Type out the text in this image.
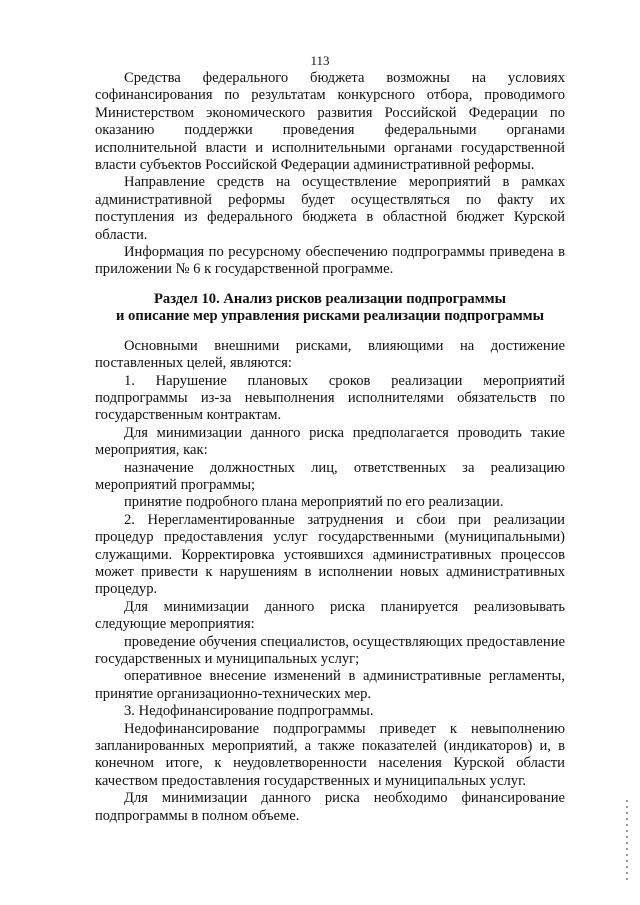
113

Средства федерального бюджета возможны на условиях софинансирования по результатам конкурсного отбора, проводимого Министерством экономического развития Российской Федерации по оказанию поддержки проведения федеральными органами исполнительной власти и исполнительными органами государственной власти субъектов Российской Федерации административной реформы.

Направление средств на осуществление мероприятий в рамках административной реформы будет осуществляться по факту их поступления из федерального бюджета в областной бюджет Курской области.

Информация по ресурсному обеспечению подпрограммы приведена в приложении № 6 к государственной программе.

Раздел 10. Анализ рисков реализации подпрограммы
и описание мер управления рисками реализации подпрограммы

Основными внешними рисками, влияющими на достижение поставленных целей, являются:

1. Нарушение плановых сроков реализации мероприятий подпрограммы из-за невыполнения исполнителями обязательств по государственным контрактам.

Для минимизации данного риска предполагается проводить такие мероприятия, как:

назначение должностных лиц, ответственных за реализацию мероприятий программы;

принятие подробного плана мероприятий по его реализации.

2. Нерегламентированные затруднения и сбои при реализации процедур предоставления услуг государственными (муниципальными) служащими. Корректировка устоявшихся административных процессов может привести к нарушениям в исполнении новых административных процедур.

Для минимизации данного риска планируется реализовывать следующие мероприятия:

проведение обучения специалистов, осуществляющих предоставление государственных и муниципальных услуг;

оперативное внесение изменений в административные регламенты, принятие организационно-технических мер.

3. Недофинансирование подпрограммы.

Недофинансирование подпрограммы приведет к невыполнению запланированных мероприятий, а также показателей (индикаторов) и, в конечном итоге, к неудовлетворенности населения Курской области качеством предоставления государственных и муниципальных услуг.

Для минимизации данного риска необходимо финансирование подпрограммы в полном объеме.
